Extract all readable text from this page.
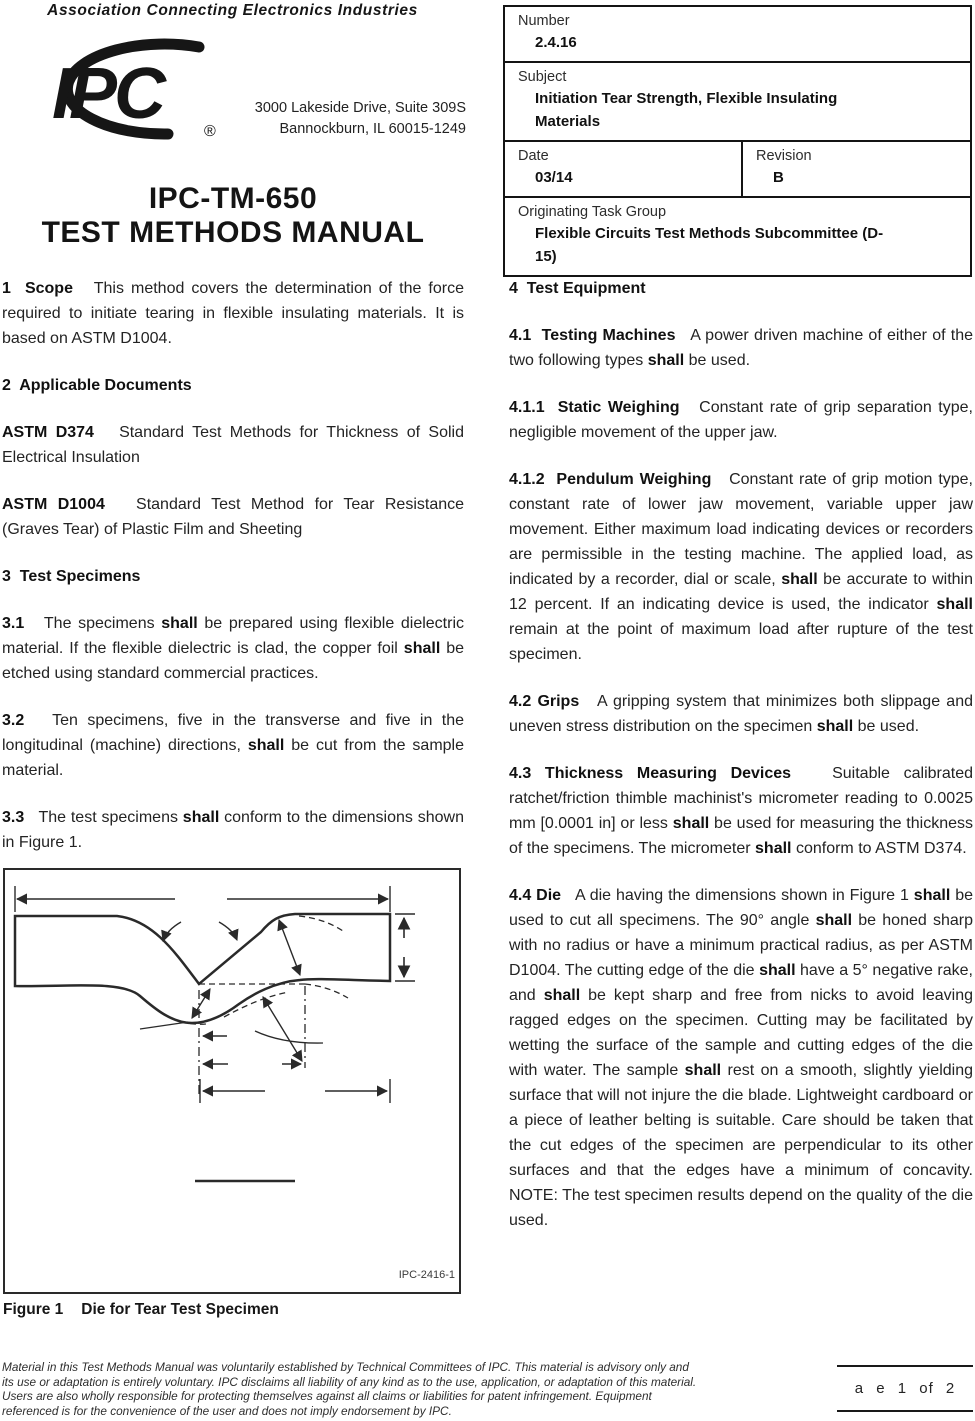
Association Connecting Electronics Industries
IPC	®
3000 Lakeside Drive, Suite 309S
Bannockburn, IL 60015-1249
IPC-TM-650
TEST METHODS MANUAL
Number
2.4.16
Subject
Initiation Tear Strength, Flexible Insulating Materials
Date
03/14
Revision
B
Originating Task Group
Flexible Circuits Test Methods Subcommittee (D-15)

1  Scope   This method covers the determination of the force required to initiate tearing in flexible insulating materials. It is based on ASTM D1004.

2  Applicable Documents

ASTM D374   Standard Test Methods for Thickness of Solid Electrical Insulation

ASTM D1004   Standard Test Method for Tear Resistance (Graves Tear) of Plastic Film and Sheeting

3  Test Specimens

3.1   The specimens shall be prepared using flexible dielectric material. If the flexible dielectric is clad, the copper foil shall be etched using standard commercial practices.

3.2   Ten specimens, five in the transverse and five in the longitudinal (machine) directions, shall be cut from the sample material.

3.3   The test specimens shall conform to the dimensions shown in Figure 1.

4  Test Equipment

4.1  Testing Machines   A power driven machine of either of the two following types shall be used.

4.1.1  Static Weighing   Constant rate of grip separation type, negligible movement of the upper jaw.

4.1.2  Pendulum Weighing   Constant rate of grip motion type, constant rate of lower jaw movement, variable upper jaw movement. Either maximum load indicating devices or recorders are permissible in the testing machine. The applied load, as indicated by a recorder, dial or scale, shall be accurate to within 12 percent. If an indicating device is used, the indicator shall remain at the point of maximum load after rupture of the test specimen.

4.2 Grips   A gripping system that minimizes both slippage and uneven stress distribution on the specimen shall be used.

4.3 Thickness Measuring Devices   Suitable calibrated ratchet/friction thimble machinist's micrometer reading to 0.0025 mm [0.0001 in] or less shall be used for measuring the thickness of the specimens. The micrometer shall conform to ASTM D374.

4.4 Die   A die having the dimensions shown in Figure 1 shall be used to cut all specimens. The 90° angle shall be honed sharp with no radius or have a minimum practical radius, as per ASTM D1004. The cutting edge of the die shall have a 5° negative rake, and shall be kept sharp and free from nicks to avoid leaving ragged edges on the specimen. Cutting may be facilitated by wetting the surface of the sample and cutting edges of the die with water. The sample shall rest on a smooth, slightly yielding surface that will not injure the die blade. Lightweight cardboard or a piece of leather belting is suitable. Care should be taken that the cut edges of the specimen are perpendicular to its other surfaces and that the edges have a minimum of concavity. NOTE: The test specimen results depend on the quality of the die used.

IPC-2416-1
Figure 1 Die for Tear Test Specimen
Material in this Test Methods Manual was voluntarily established by Technical Committees of IPC. This material is advisory only and its use or adaptation is entirely voluntary. IPC disclaims all liability of any kind as to the use, application, or adaptation of this material. Users are also wholly responsible for protecting themselves against all claims or liabilities for patent infringement. Equipment referenced is for the convenience of the user and does not imply endorsement by IPC.
a e 1 of 2
